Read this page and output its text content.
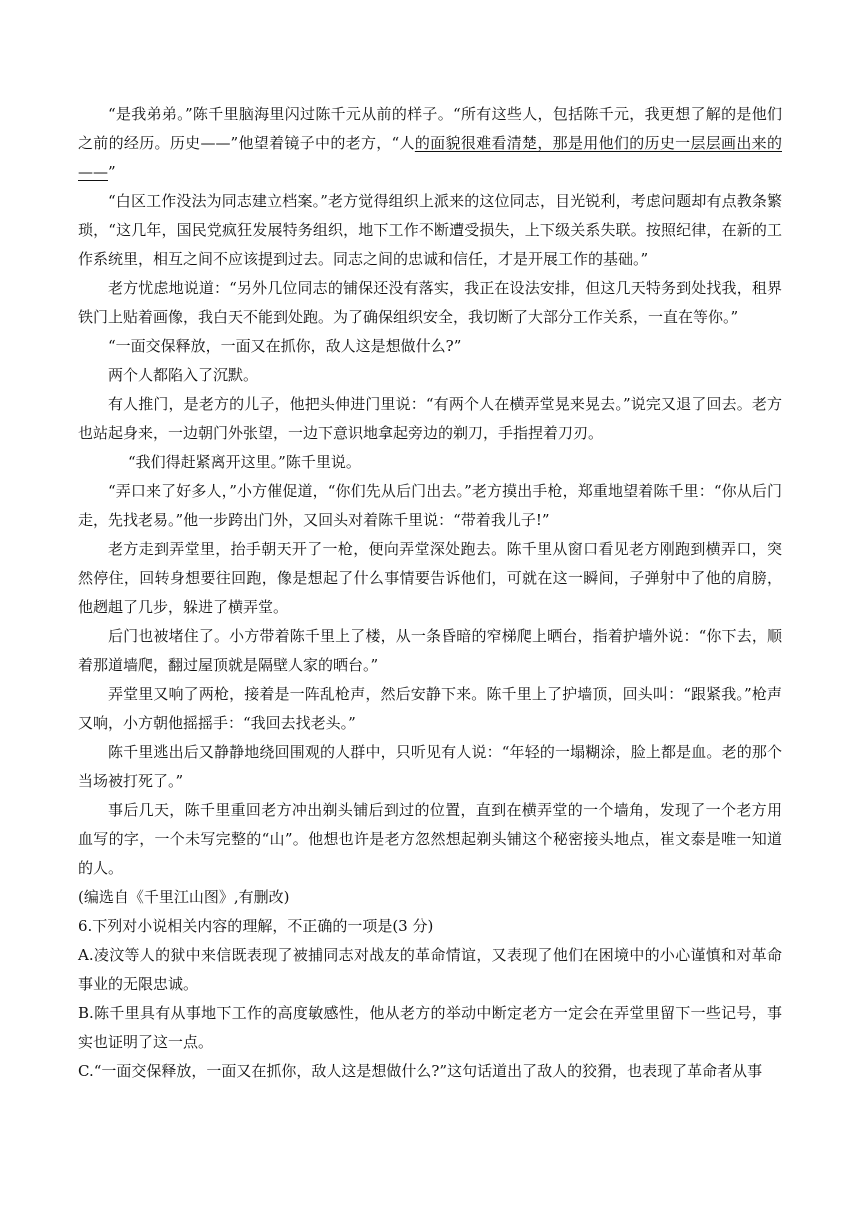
“是我弟弟。”陈千里脑海里闪过陈千元从前的样子。“所有这些人，包括陈千元，我更想了解的是他们之前的经历。历史——”他望着镜子中的老方，“人的面貌很难看清楚，那是用他们的历史一层层画出来的——”

“白区工作没法为同志建立档案。”老方觉得组织上派来的这位同志，目光锐利，考虑问题却有点教条繁琐，“这几年，国民党疯狂发展特务组织，地下工作不断遭受损失，上下级关系失联。按照纪律，在新的工作系统里，相互之间不应该提到过去。同志之间的忠诚和信任，才是开展工作的基础。”

老方忧虑地说道：“另外几位同志的铺保还没有落实，我正在设法安排，但这几天特务到处找我，租界铁门上贴着画像，我白天不能到处跑。为了确保组织安全，我切断了大部分工作关系，一直在等你。”

“一面交保释放，一面又在抓你，敌人这是想做什么?”

两个人都陷入了沉默。

有人推门，是老方的儿子，他把头伸进门里说：“有两个人在横弄堂晃来晃去。”说完又退了回去。老方也站起身来，一边朝门外张望，一边下意识地拿起旁边的剃刀，手指捏着刀刃。

“我们得赶紧离开这里。”陈千里说。

“弄口来了好多人，”小方催促道，“你们先从后门出去。”老方摸出手枪，郑重地望着陈千里：“你从后门走，先找老易。”他一步跨出门外，又回头对着陈千里说：“带着我儿子!”

老方走到弄堂里，抬手朝天开了一枪，便向弄堂深处跑去。陈千里从窗口看见老方刚跑到横弄口，突然停住，回转身想要往回跑，像是想起了什么事情要告诉他们，可就在这一瞬间，子弹射中了他的肩膀，他趔趄了几步，躲进了横弄堂。

后门也被堵住了。小方带着陈千里上了楼，从一条昏暗的窄梯爬上晒台，指着护墙外说：“你下去，顺着那道墙爬，翻过屋顶就是隔壁人家的晒台。”

弄堂里又响了两枪，接着是一阵乱枪声，然后安静下来。陈千里上了护墙顶，回头叫：“跟紧我。”枪声又响，小方朝他摇摇手：“我回去找老头。”

陈千里逃出后又静静地绕回围观的人群中，只听见有人说：“年轻的一塌糊涂，脸上都是血。老的那个当场被打死了。”

事后几天，陈千里重回老方冲出剃头铺后到过的位置，直到在横弄堂的一个墙角，发现了一个老方用血写的字，一个未写完整的“山”。他想也许是老方忽然想起剃头铺这个秘密接头地点，崔文泰是唯一知道的人。

(编选自《千里江山图》,有删改)

6.下列对小说相关内容的理解，不正确的一项是(3 分)

A.凌汶等人的狱中来信既表现了被捕同志对战友的革命情谊，又表现了他们在困境中的小心谨慎和对革命事业的无限忠诚。

B.陈千里具有从事地下工作的高度敏感性，他从老方的举动中断定老方一定会在弄堂里留下一些记号，事实也证明了这一点。

C.“一面交保释放，一面又在抓你，敌人这是想做什么?”这句话道出了敌人的狡猾，也表现了革命者从事
